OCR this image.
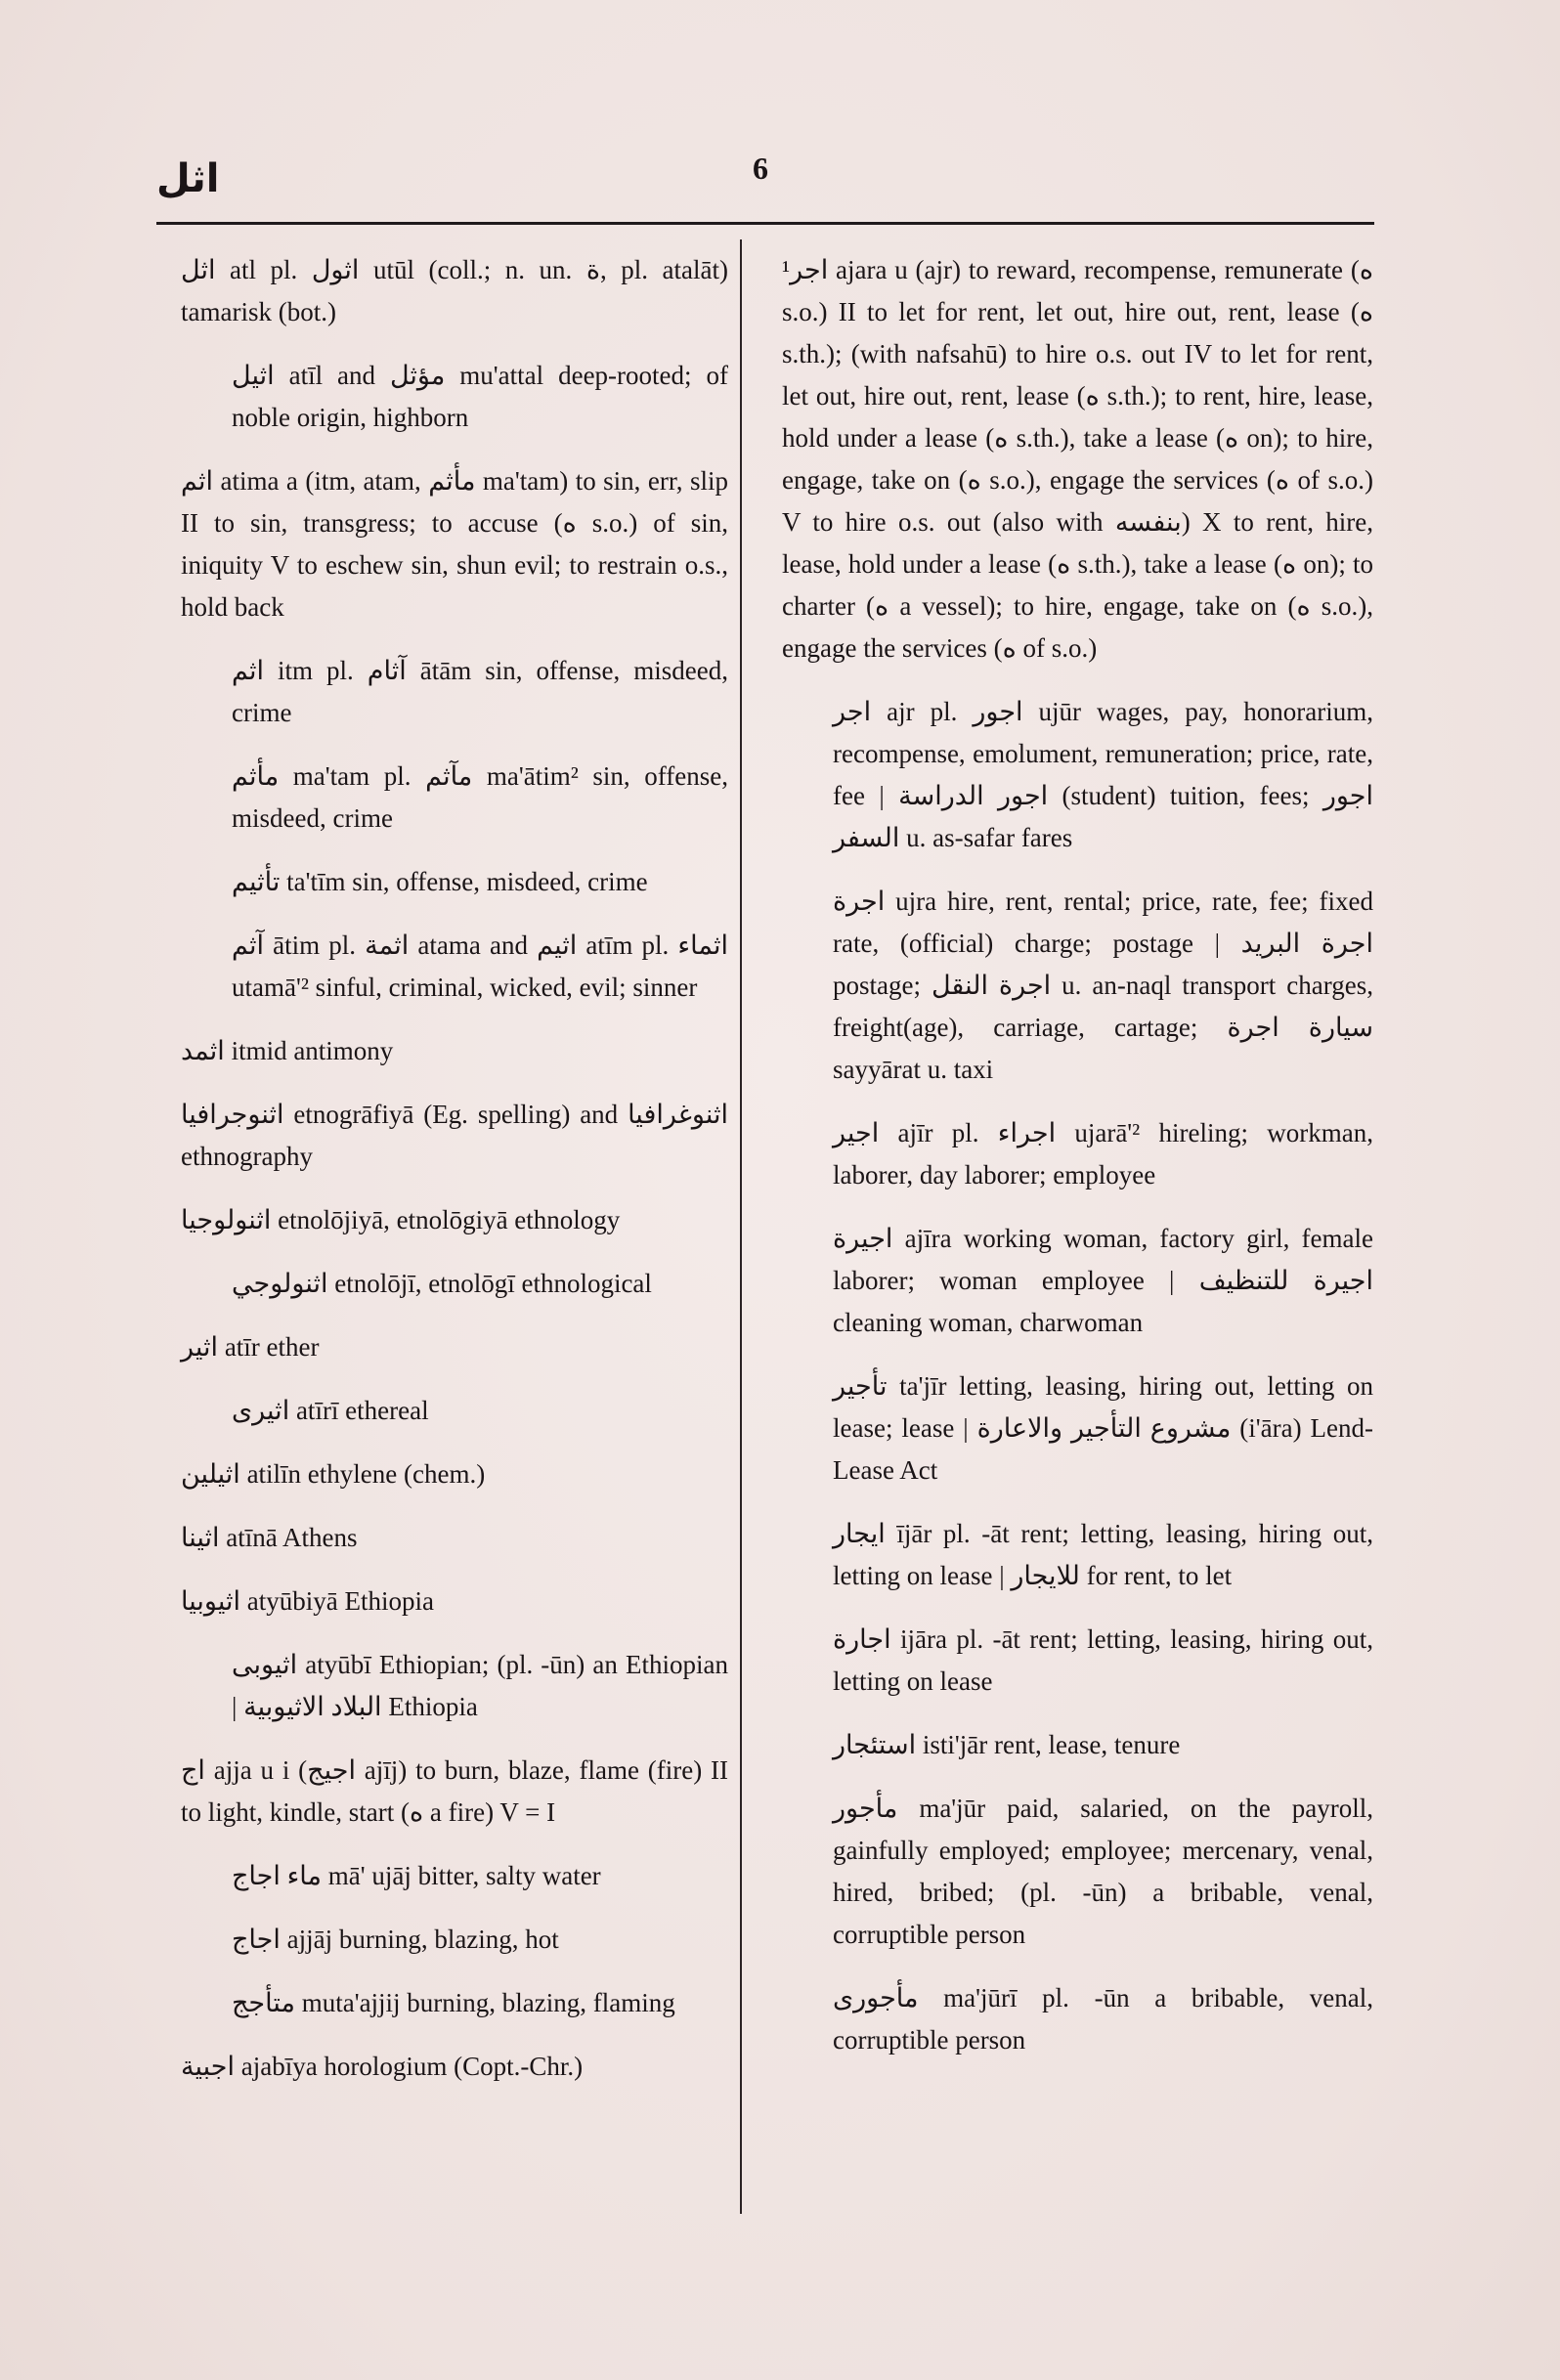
اثل	6
اثل atl pl. اثول utūl (coll.; n. un. ة, pl. atalāt) tamarisk (bot.)
اثيل atīl and مؤثل mu'attal deep-rooted; of noble origin, highborn
اثم atima a (itm, atam, مأثم ma'tam) to sin, err, slip II to sin, transgress; to accuse (ه s.o.) of sin, iniquity V to eschew sin, shun evil; to restrain o.s., hold back
اثم itm pl. آثام ātām sin, offense, misdeed, crime
مأثم ma'tam pl. مآثم ma'ātim² sin, offense, misdeed, crime
تأثيم ta'tīm sin, offense, misdeed, crime
آثم ātim pl. اثمة atama and اثيم atīm pl. اثماء utamā'² sinful, criminal, wicked, evil; sinner
اثمد itmid antimony
اثنوجرافيا etnogrāfiyā (Eg. spelling) and اثنوغرافيا ethnography
اثنولوجيا etnolōjiyā, etnolōgiyā ethnology
اثنولوجي etnolōjī, etnolōgī ethnological
اثير atīr ether
اثيرى atīrī ethereal
اثيلين atilīn ethylene (chem.)
اثينا atīnā Athens
اثيوبيا atyūbiyā Ethiopia
اثيوبى atyūbī Ethiopian; (pl. -ūn) an Ethiopian | البلاد الاثيوبية Ethiopia
اج ajja u i (اجيج ajīj) to burn, blaze, flame (fire) II to light, kindle, start (ه a fire) V = I
ماء اجاج mā' ujāj bitter, salty water
اجاج ajjāj burning, blazing, hot
متأجج muta'ajjij burning, blazing, flaming
اجبية ajabīya horologium (Copt.-Chr.)
¹اجر ajara u (ajr) to reward, recompense, remunerate (ه s.o.) II to let for rent, let out, hire out, rent, lease (ه s.th.); (with nafsahū) to hire o.s. out IV to let for rent, let out, hire out, rent, lease (ه s.th.); to rent, hire, lease, hold under a lease (ه s.th.), take a lease (ه on); to hire, engage, take on (ه s.o.), engage the services (ه of s.o.) V to hire o.s. out (also with بنفسه) X to rent, hire, lease, hold under a lease (ه s.th.), take a lease (ه on); to charter (ه a vessel); to hire, engage, take on (ه s.o.), engage the services (ه of s.o.)
اجر ajr pl. اجور ujūr wages, pay, honorarium, recompense, emolument, remuneration; price, rate, fee | اجور الدراسة (student) tuition, fees; اجور السفر u. as-safar fares
اجرة ujra hire, rent, rental; price, rate, fee; fixed rate, (official) charge; postage | اجرة البريد postage; اجرة النقل u. an-naql transport charges, freight(age), carriage, cartage; سيارة اجرة sayyārat u. taxi
اجير ajīr pl. اجراء ujarā'² hireling; workman, laborer, day laborer; employee
اجيرة ajīra working woman, factory girl, female laborer; woman employee | اجيرة للتنظيف cleaning woman, charwoman
تأجير ta'jīr letting, leasing, hiring out, letting on lease; lease | مشروع التأجير والاعارة (i'āra) Lend-Lease Act
ايجار ījār pl. -āt rent; letting, leasing, hiring out, letting on lease | للايجار for rent, to let
اجارة ijāra pl. -āt rent; letting, leasing, hiring out, letting on lease
استئجار isti'jār rent, lease, tenure
مأجور ma'jūr paid, salaried, on the payroll, gainfully employed; employee; mercenary, venal, hired, bribed; (pl. -ūn) a bribable, venal, corruptible person
مأجورى ma'jūrī pl. -ūn a bribable, venal, corruptible person
